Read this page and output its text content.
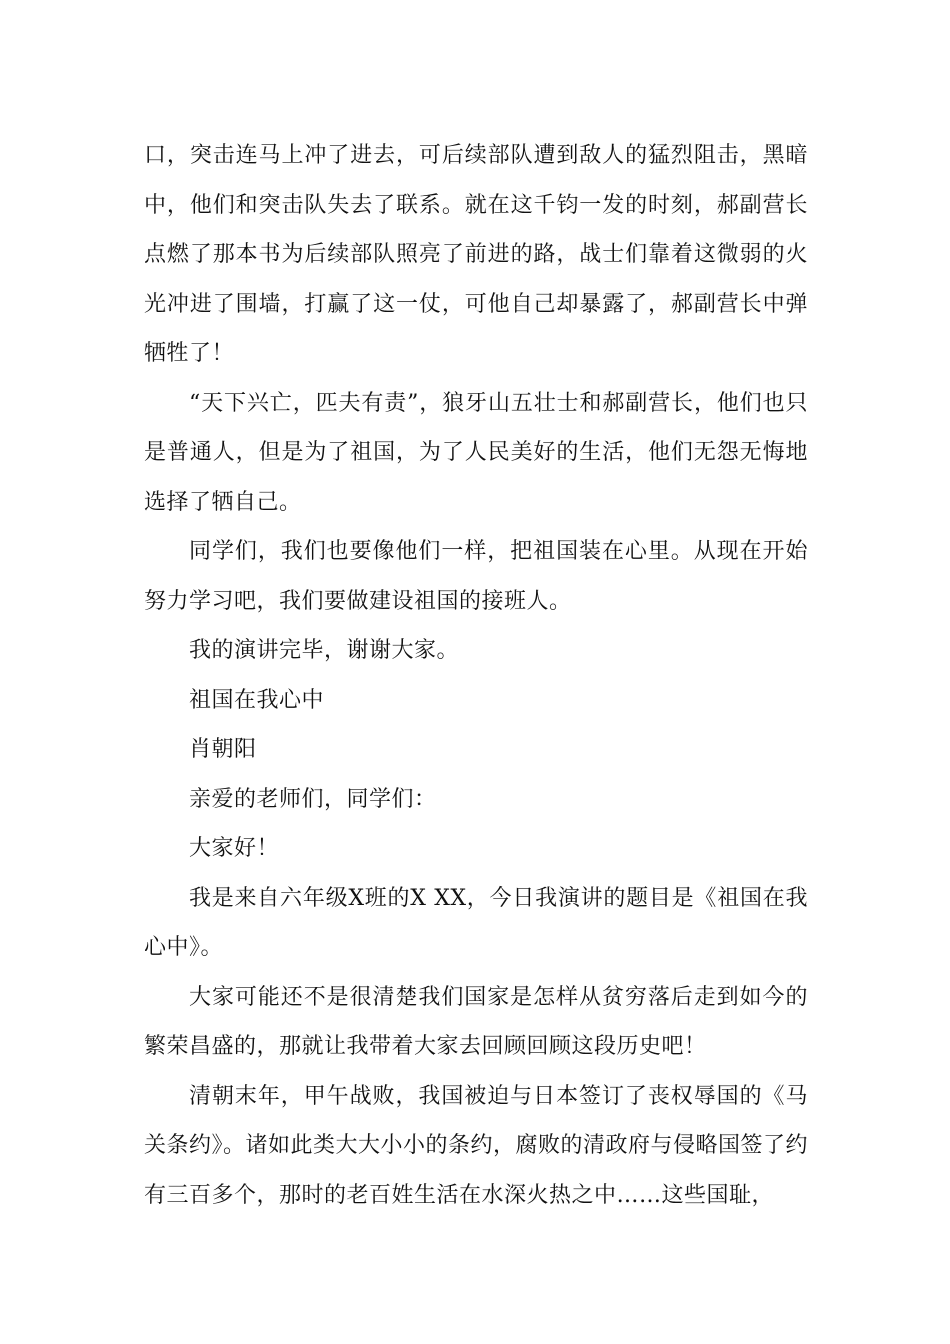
口，突击连马上冲了进去，可后续部队遭到敌人的猛烈阻击，黑暗中，他们和突击队失去了联系。就在这千钧一发的时刻，郝副营长点燃了那本书为后续部队照亮了前进的路，战士们靠着这微弱的火光冲进了围墙，打赢了这一仗，可他自己却暴露了，郝副营长中弹牺牲了！

“天下兴亡，匹夫有责”，狼牙山五壮士和郝副营长，他们也只是普通人，但是为了祖国，为了人民美好的生活，他们无怨无悔地选择了牺自己。

同学们，我们也要像他们一样，把祖国装在心里。从现在开始努力学习吧，我们要做建设祖国的接班人。

我的演讲完毕，谢谢大家。

祖国在我心中

肖朝阳

亲爱的老师们，同学们：

大家好！

我是来自六年级X班的X XX，今日我演讲的题目是《祖国在我心中》。

大家可能还不是很清楚我们国家是怎样从贫穷落后走到如今的繁荣昌盛的，那就让我带着大家去回顾回顾这段历史吧！

清朝末年，甲午战败，我国被迫与日本签订了丧权辱国的《马关条约》。诸如此类大大小小的条约，腐败的清政府与侵略国签了约有三百多个，那时的老百姓生活在水深火热之中……这些国耻，
